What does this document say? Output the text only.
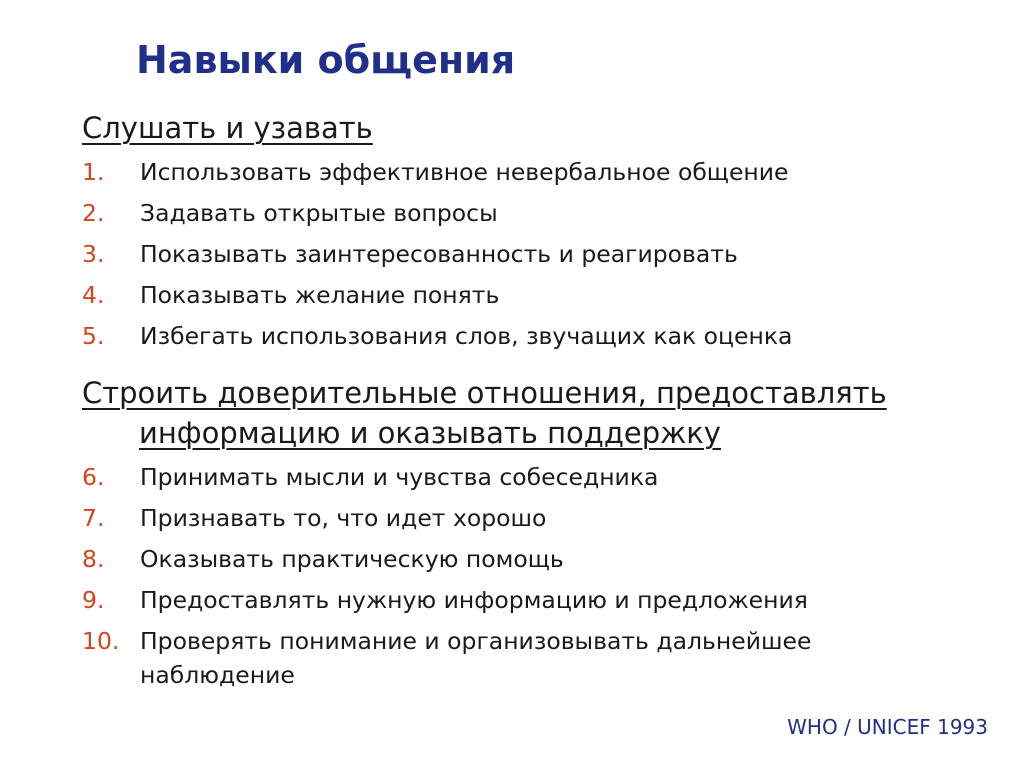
Навыки общения
Слушать и узавать
1. Использовать эффективное невербальное общение
2. Задавать открытые вопросы
3. Показывать заинтересованность и реагировать
4. Показывать желание понять
5. Избегать использования слов, звучащих как оценка
Строить доверительные отношения, предоставлять
информацию и оказывать поддержку
6. Принимать мысли и чувства собеседника
7. Признавать то, что идет хорошо
8. Оказывать практическую помощь
9. Предоставлять нужную информацию и предложения
10. Проверять понимание и организовывать дальнейшее наблюдение
WHO / UNICEF 1993
